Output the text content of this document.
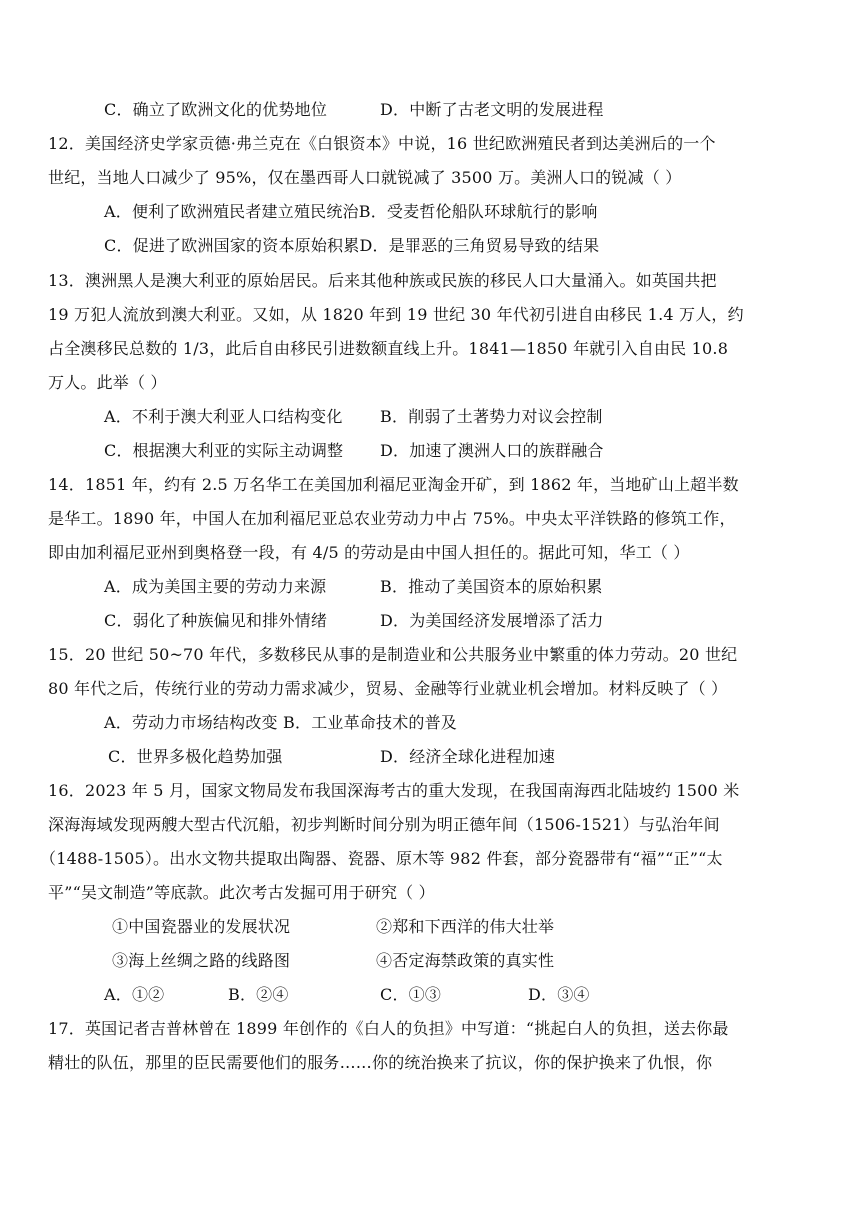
C．确立了欧洲文化的优势地位	D．中断了古老文明的发展进程
12．美国经济史学家贡德·弗兰克在《白银资本》中说，16 世纪欧洲殖民者到达美洲后的一个
世纪，当地人口减少了 95%，仅在墨西哥人口就锐减了 3500 万。美洲人口的锐减（ ）
A．便利了欧洲殖民者建立殖民统治B．受麦哲伦船队环球航行的影响
C．促进了欧洲国家的资本原始积累D．是罪恶的三角贸易导致的结果
13．澳洲黑人是澳大利亚的原始居民。后来其他种族或民族的移民人口大量涌入。如英国共把
19 万犯人流放到澳大利亚。又如，从 1820 年到 19 世纪 30 年代初引进自由移民 1.4 万人，约
占全澳移民总数的 1/3，此后自由移民引进数额直线上升。1841—1850 年就引入自由民 10.8
万人。此举（ ）
A．不利于澳大利亚人口结构变化 B．削弱了土著势力对议会控制
C．根据澳大利亚的实际主动调整 D．加速了澳洲人口的族群融合
14．1851 年，约有 2.5 万名华工在美国加利福尼亚淘金开矿，到 1862 年，当地矿山上超半数
是华工。1890 年，中国人在加利福尼亚总农业劳动力中占 75%。中央太平洋铁路的修筑工作，
即由加利福尼亚州到奥格登一段，有 4/5 的劳动是由中国人担任的。据此可知，华工（ ）
A．成为美国主要的劳动力来源	B．推动了美国资本的原始积累
C．弱化了种族偏见和排外情绪	D．为美国经济发展增添了活力
15．20 世纪 50~70 年代，多数移民从事的是制造业和公共服务业中繁重的体力劳动。20 世纪
80 年代之后，传统行业的劳动力需求减少，贸易、金融等行业就业机会增加。材料反映了（ ）
A．劳动力市场结构改变 B．工业革命技术的普及
C．世界多极化趋势加强	D．经济全球化进程加速
16．2023 年 5 月，国家文物局发布我国深海考古的重大发现，在我国南海西北陆坡约 1500 米
深海海域发现两艘大型古代沉船，初步判断时间分别为明正德年间（1506-1521）与弘治年间
（1488-1505）。出水文物共提取出陶器、瓷器、原木等 982 件套，部分瓷器带有“福”“正”“太
平”“吴文制造”等底款。此次考古发掘可用于研究（ ）
①中国瓷器业的发展状况	②郑和下西洋的伟大壮举
③海上丝绸之路的线路图	④否定海禁政策的真实性
A．①②	B．②④	C．①③	D．③④
17．英国记者吉普林曾在 1899 年创作的《白人的负担》中写道：“挑起白人的负担，送去你最
精壮的队伍，那里的臣民需要他们的服务……你的统治换来了抗议，你的保护换来了仇恨，你
